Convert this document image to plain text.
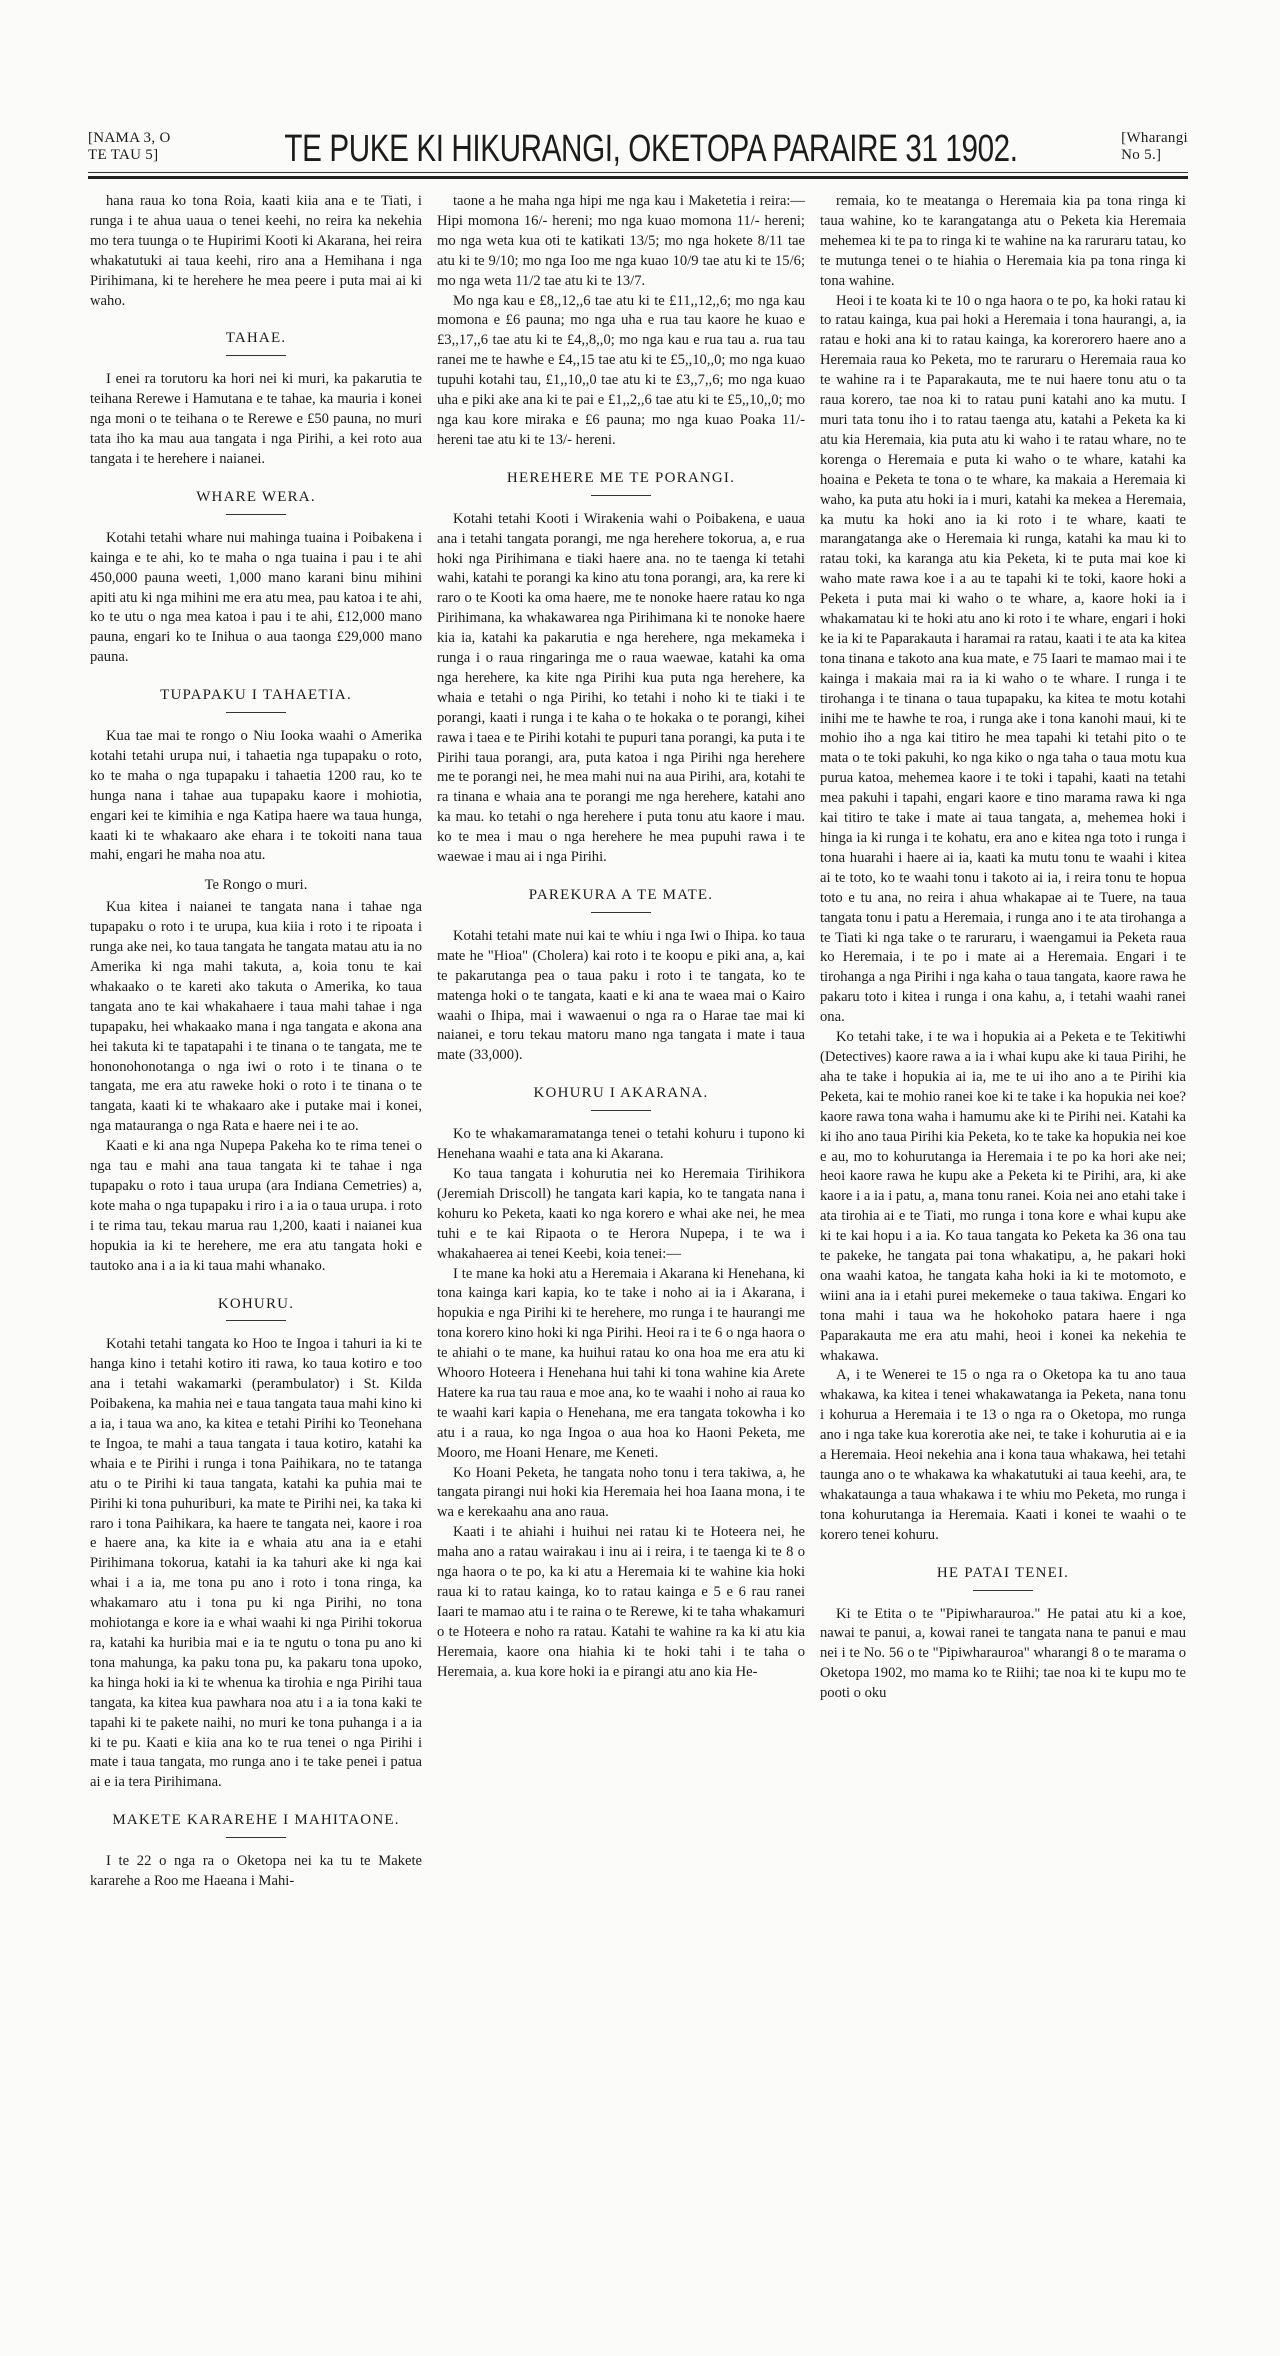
[NAMA 3, O TE TAU 5]	TE PUKE KI HIKURANGI, OKETOPA PARAIRE 31 1902.	[Wharangi No 5.]

hana raua ko tona Roia, kaati kiia ana e te Tiati, i runga i te ahua uaua o tenei keehi, no reira ka nekehia mo tera tuunga o te Hupirimi Kooti ki Akarana, hei reira whakatutuki ai taua keehi, riro ana a Hemihana i nga Pirihimana, ki te herehere he mea peere i puta mai ai ki waho.

TAHAE.

I enei ra torutoru ka hori nei ki muri, ka pakarutia te teihana Rerewe i Hamutana e te tahae, ka mauria i konei nga moni o te teihana o te Rerewe e £50 pauna, no muri tata iho ka mau aua tangata i nga Pirihi, a kei roto aua tangata i te herehere i naianei.

WHARE WERA.

Kotahi tetahi whare nui mahinga tuaina i Poibakena i kainga e te ahi, ko te maha o nga tuaina i pau i te ahi 450,000 pauna weeti, 1,000 mano karani binu mihini apiti atu ki nga mihini me era atu mea, pau katoa i te ahi, ko te utu o nga mea katoa i pau i te ahi, £12,000 mano pauna, engari ko te Inihua o aua taonga £29,000 mano pauna.

TUPAPAKU I TAHAETIA.

Kua tae mai te rongo o Niu Iooka waahi o Amerika kotahi tetahi urupa nui, i tahaetia nga tupapaku o roto, ko te maha o nga tupapaku i tahaetia 1200 rau, ko te hunga nana i tahae aua tupapaku kaore i mohiotia, engari kei te kimihia e nga Katipa haere wa taua hunga, kaati ki te whakaaro ake ehara i te tokoiti nana taua mahi, engari he maha noa atu.

Te Rongo o muri.

Kua kitea i naianei te tangata nana i tahae nga tupapaku o roto i te urupa, kua kiia i roto i te ripoata i runga ake nei, ko taua tangata he tangata matau atu ia no Amerika ki nga mahi takuta, a, koia tonu te kai whakaako o te kareti ako takuta o Amerika, ko taua tangata ano te kai whakahaere i taua mahi tahae i nga tupapaku, hei whakaako mana i nga tangata e akona ana hei takuta ki te tapatapahi i te tinana o te tangata, me te hononohonotanga o nga iwi o roto i te tinana o te tangata, me era atu raweke hoki o roto i te tinana o te tangata, kaati ki te whakaaro ake i putake mai i konei, nga matauranga o nga Rata e haere nei i te ao.

Kaati e ki ana nga Nupepa Pakeha ko te rima tenei o nga tau e mahi ana taua tangata ki te tahae i nga tupapaku o roto i taua urupa (ara Indiana Cemetries) a, kote maha o nga tupapaku i riro i a ia o taua urupa. i roto i te rima tau, tekau marua rau 1,200, kaati i naianei kua hopukia ia ki te herehere, me era atu tangata hoki e tautoko ana i a ia ki taua mahi whanako.

KOHURU.

Kotahi tetahi tangata ko Hoo te Ingoa i tahuri ia ki te hanga kino i tetahi kotiro iti rawa, ko taua kotiro e too ana i tetahi wakamarki (perambulator) i St. Kilda Poibakena, ka mahia nei e taua tangata taua mahi kino ki a ia, i taua wa ano, ka kitea e tetahi Pirihi ko Teonehana te Ingoa, te mahi a taua tangata i taua kotiro, katahi ka whaia e te Pirihi i runga i tona Paihikara, no te tatanga atu o te Pirihi ki taua tangata, katahi ka puhia mai te Pirihi ki tona puhuriburi, ka mate te Pirihi nei, ka taka ki raro i tona Paihikara, ka haere te tangata nei, kaore i roa e haere ana, ka kite ia e whaia atu ana ia e etahi Pirihimana tokorua, katahi ia ka tahuri ake ki nga kai whai i a ia, me tona pu ano i roto i tona ringa, ka whakamaro atu i tona pu ki nga Pirihi, no tona mohiotanga e kore ia e whai waahi ki nga Pirihi tokorua ra, katahi ka huribia mai e ia te ngutu o tona pu ano ki tona mahunga, ka paku tona pu, ka pakaru tona upoko, ka hinga hoki ia ki te whenua ka tirohia e nga Pirihi taua tangata, ka kitea kua pawhara noa atu i a ia tona kaki te tapahi ki te pakete naihi, no muri ke tona puhanga i a ia ki te pu. Kaati e kiia ana ko te rua tenei o nga Pirihi i mate i taua tangata, mo runga ano i te take penei i patua ai e ia tera Pirihimana.

MAKETE KARAREHE I MAHITAONE.

I te 22 o nga ra o Oketopa nei ka tu te Makete kararehe a Roo me Haeana i Mahi-

taone a he maha nga hipi me nga kau i Maketetia i reira:—Hipi momona 16/- hereni; mo nga kuao momona 11/- hereni; mo nga weta kua oti te katikati 13/5; mo nga hokete 8/11 tae atu ki te 9/10; mo nga Ioo me nga kuao 10/9 tae atu ki te 15/6; mo nga weta 11/2 tae atu ki te 13/7.

Mo nga kau e £8,,12,,6 tae atu ki te £11,,12,,6; mo nga kau momona e £6 pauna; mo nga uha e rua tau kaore he kuao e £3,,17,,6 tae atu ki te £4,,8,,0; mo nga kau e rua tau a. rua tau ranei me te hawhe e £4,,15 tae atu ki te £5,,10,,0; mo nga kuao tupuhi kotahi tau, £1,,10,,0 tae atu ki te £3,,7,,6; mo nga kuao uha e piki ake ana ki te pai e £1,,2,,6 tae atu ki te £5,,10,,0; mo nga kau kore miraka e £6 pauna; mo nga kuao Poaka 11/- hereni tae atu ki te 13/- hereni.

HEREHERE ME TE PORANGI.

Kotahi tetahi Kooti i Wirakenia wahi o Poibakena, e uaua ana i tetahi tangata porangi, me nga herehere tokorua, a, e rua hoki nga Pirihimana e tiaki haere ana. no te taenga ki tetahi wahi, katahi te porangi ka kino atu tona porangi, ara, ka rere ki raro o te Kooti ka oma haere, me te nonoke haere ratau ko nga Pirihimana, ka whakawarea nga Pirihimana ki te nonoke haere kia ia, katahi ka pakarutia e nga herehere, nga mekameka i runga i o raua ringaringa me o raua waewae, katahi ka oma nga herehere, ka kite nga Pirihi kua puta nga herehere, ka whaia e tetahi o nga Pirihi, ko tetahi i noho ki te tiaki i te porangi, kaati i runga i te kaha o te hokaka o te porangi, kihei rawa i taea e te Pirihi kotahi te pupuri tana porangi, ka puta i te Pirihi taua porangi, ara, puta katoa i nga Pirihi nga herehere me te porangi nei, he mea mahi nui na aua Pirihi, ara, kotahi te ra tinana e whaia ana te porangi me nga herehere, katahi ano ka mau. ko tetahi o nga herehere i puta tonu atu kaore i mau. ko te mea i mau o nga herehere he mea pupuhi rawa i te waewae i mau ai i nga Pirihi.

PAREKURA A TE MATE.

Kotahi tetahi mate nui kai te whiu i nga Iwi o Ihipa. ko taua mate he "Hioa" (Cholera) kai roto i te koopu e piki ana, a, kai te pakarutanga pea o taua paku i roto i te tangata, ko te matenga hoki o te tangata, kaati e ki ana te waea mai o Kairo waahi o Ihipa, mai i wawaenui o nga ra o Harae tae mai ki naianei, e toru tekau matoru mano nga tangata i mate i taua mate (33,000).

KOHURU I AKARANA.

Ko te whakamaramatanga tenei o tetahi kohuru i tupono ki Henehana waahi e tata ana ki Akarana.

Ko taua tangata i kohurutia nei ko Heremaia Tirihikora (Jeremiah Driscoll) he tangata kari kapia, ko te tangata nana i kohuru ko Peketa, kaati ko nga korero e whai ake nei, he mea tuhi e te kai Ripaota o te Herora Nupepa, i te wa i whakahaerea ai tenei Keebi, koia tenei:—

I te mane ka hoki atu a Heremaia i Akarana ki Henehana, ki tona kainga kari kapia, ko te take i noho ai ia i Akarana, i hopukia e nga Pirihi ki te herehere, mo runga i te haurangi me tona korero kino hoki ki nga Pirihi. Heoi ra i te 6 o nga haora o te ahiahi o te mane, ka huihui ratau ko ona hoa me era atu ki Whooro Hoteera i Henehana hui tahi ki tona wahine kia Arete Hatere ka rua tau raua e moe ana, ko te waahi i noho ai raua ko te waahi kari kapia o Henehana, me era tangata tokowha i ko atu i a raua, ko nga Ingoa o aua hoa ko Haoni Peketa, me Mooro, me Hoani Henare, me Keneti.

Ko Hoani Peketa, he tangata noho tonu i tera takiwa, a, he tangata pirangi nui hoki kia Heremaia hei hoa Iaana mona, i te wa e kerekaahu ana ano raua.

Kaati i te ahiahi i huihui nei ratau ki te Hoteera nei, he maha ano a ratau wairakau i inu ai i reira, i te taenga ki te 8 o nga haora o te po, ka ki atu a Heremaia ki te wahine kia hoki raua ki to ratau kainga, ko to ratau kainga e 5 e 6 rau ranei Iaari te mamao atu i te raina o te Rerewe, ki te taha whakamuri o te Hoteera e noho ra ratau. Katahi te wahine ra ka ki atu kia Heremaia, kaore ona hiahia ki te hoki tahi i te taha o Heremaia, a. kua kore hoki ia e pirangi atu ano kia He-

remaia, ko te meatanga o Heremaia kia pa tona ringa ki taua wahine, ko te karangatanga atu o Peketa kia Heremaia mehemea ki te pa to ringa ki te wahine na ka raruraru tatau, ko te mutunga tenei o te hiahia o Heremaia kia pa tona ringa ki tona wahine.

Heoi i te koata ki te 10 o nga haora o te po, ka hoki ratau ki to ratau kainga, kua pai hoki a Heremaia i tona haurangi, a, ia ratau e hoki ana ki to ratau kainga, ka korerorero haere ano a Heremaia raua ko Peketa, mo te raruraru o Heremaia raua ko te wahine ra i te Paparakauta, me te nui haere tonu atu o ta raua korero, tae noa ki to ratau puni katahi ano ka mutu. I muri tata tonu iho i to ratau taenga atu, katahi a Peketa ka ki atu kia Heremaia, kia puta atu ki waho i te ratau whare, no te korenga o Heremaia e puta ki waho o te whare, katahi ka hoaina e Peketa te tona o te whare, ka makaia a Heremaia ki waho, ka puta atu hoki ia i muri, katahi ka mekea a Heremaia, ka mutu ka hoki ano ia ki roto i te whare, kaati te marangatanga ake o Heremaia ki runga, katahi ka mau ki to ratau toki, ka karanga atu kia Peketa, ki te puta mai koe ki waho mate rawa koe i a au te tapahi ki te toki, kaore hoki a Peketa i puta mai ki waho o te whare, a, kaore hoki ia i whakamatau ki te hoki atu ano ki roto i te whare, engari i hoki ke ia ki te Paparakauta i haramai ra ratau, kaati i te ata ka kitea tona tinana e takoto ana kua mate, e 75 Iaari te mamao mai i te kainga i makaia mai ra ia ki waho o te whare. I runga i te tirohanga i te tinana o taua tupapaku, ka kitea te motu kotahi inihi me te hawhe te roa, i runga ake i tona kanohi maui, ki te mohio iho a nga kai titiro he mea tapahi ki tetahi pito o te mata o te toki pakuhi, ko nga kiko o nga taha o taua motu kua purua katoa, mehemea kaore i te toki i tapahi, kaati na tetahi mea pakuhi i tapahi, engari kaore e tino marama rawa ki nga kai titiro te take i mate ai taua tangata, a, mehemea hoki i hinga ia ki runga i te kohatu, era ano e kitea nga toto i runga i tona huarahi i haere ai ia, kaati ka mutu tonu te waahi i kitea ai te toto, ko te waahi tonu i takoto ai ia, i reira tonu te hopua toto e tu ana, no reira i ahua whakapae ai te Tuere, na taua tangata tonu i patu a Heremaia, i runga ano i te ata tirohanga a te Tiati ki nga take o te raruraru, i waengamui ia Peketa raua ko Heremaia, i te po i mate ai a Heremaia. Engari i te tirohanga a nga Pirihi i nga kaha o taua tangata, kaore rawa he pakaru toto i kitea i runga i ona kahu, a, i tetahi waahi ranei ona.

Ko tetahi take, i te wa i hopukia ai a Peketa e te Tekitiwhi (Detectives) kaore rawa a ia i whai kupu ake ki taua Pirihi, he aha te take i hopukia ai ia, me te ui iho ano a te Pirihi kia Peketa, kai te mohio ranei koe ki te take i ka hopukia nei koe? kaore rawa tona waha i hamumu ake ki te Pirihi nei. Katahi ka ki iho ano taua Pirihi kia Peketa, ko te take ka hopukia nei koe e au, mo to kohurutanga ia Heremaia i te po ka hori ake nei; heoi kaore rawa he kupu ake a Peketa ki te Pirihi, ara, ki ake kaore i a ia i patu, a, mana tonu ranei. Koia nei ano etahi take i ata tirohia ai e te Tiati, mo runga i tona kore e whai kupu ake ki te kai hopu i a ia. Ko taua tangata ko Peketa ka 36 ona tau te pakeke, he tangata pai tona whakatipu, a, he pakari hoki ona waahi katoa, he tangata kaha hoki ia ki te motomoto, e wiini ana ia i etahi purei mekemeke o taua takiwa. Engari ko tona mahi i taua wa he hokohoko patara haere i nga Paparakauta me era atu mahi, heoi i konei ka nekehia te whakawa.

A, i te Wenerei te 15 o nga ra o Oketopa ka tu ano taua whakawa, ka kitea i tenei whakawatanga ia Peketa, nana tonu i kohurua a Heremaia i te 13 o nga ra o Oketopa, mo runga ano i nga take kua korerotia ake nei, te take i kohurutia ai e ia a Heremaia. Heoi nekehia ana i kona taua whakawa, hei tetahi taunga ano o te whakawa ka whakatutuki ai taua keehi, ara, te whakataunga a taua whakawa i te whiu mo Peketa, mo runga i tona kohurutanga ia Heremaia. Kaati i konei te waahi o te korero tenei kohuru.

HE PATAI TENEI.

Ki te Etita o te "Pipiwharauroa." He patai atu ki a koe, nawai te panui, a, kowai ranei te tangata nana te panui e mau nei i te No. 56 o te "Pipiwharauroa" wharangi 8 o te marama o Oketopa 1902, mo mama ko te Riihi; tae noa ki te kupu mo te pooti o oku
